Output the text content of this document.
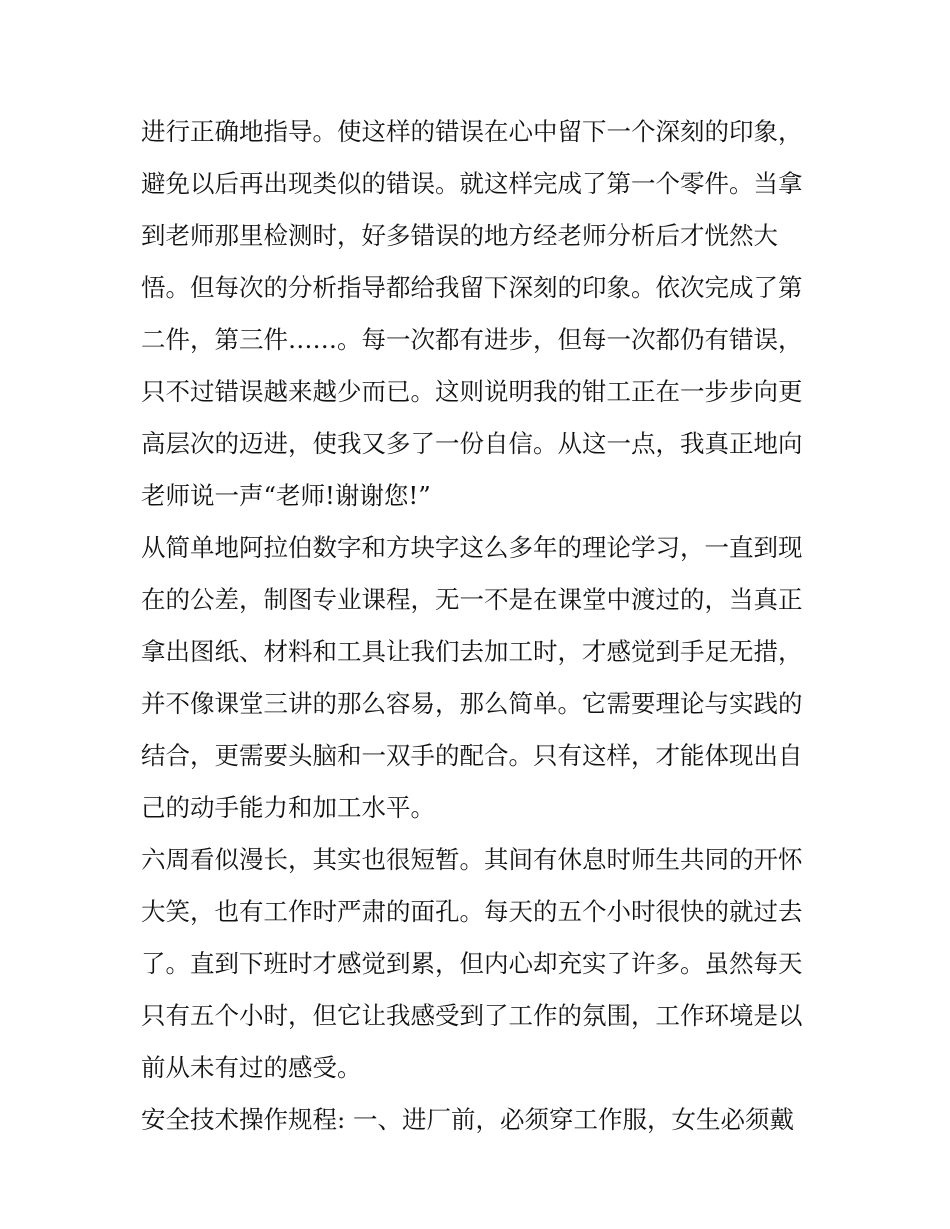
进行正确地指导。使这样的错误在心中留下一个深刻的印象，
避免以后再出现类似的错误。就这样完成了第一个零件。当拿
到老师那里检测时，好多错误的地方经老师分析后才恍然大
悟。但每次的分析指导都给我留下深刻的印象。依次完成了第
二件，第三件……。每一次都有进步，但每一次都仍有错误，
只不过错误越来越少而已。这则说明我的钳工正在一步步向更
高层次的迈进，使我又多了一份自信。从这一点，我真正地向
老师说一声“老师!谢谢您!”
从简单地阿拉伯数字和方块字这么多年的理论学习，一直到现
在的公差，制图专业课程，无一不是在课堂中渡过的，当真正
拿出图纸、材料和工具让我们去加工时，才感觉到手足无措，
并不像课堂三讲的那么容易，那么简单。它需要理论与实践的
结合，更需要头脑和一双手的配合。只有这样，才能体现出自
己的动手能力和加工水平。
六周看似漫长，其实也很短暂。其间有休息时师生共同的开怀
大笑，也有工作时严肃的面孔。每天的五个小时很快的就过去
了。直到下班时才感觉到累，但内心却充实了许多。虽然每天
只有五个小时，但它让我感受到了工作的氛围，工作环境是以
前从未有过的感受。
安全技术操作规程: 一、进厂前，必须穿工作服，女生必须戴
